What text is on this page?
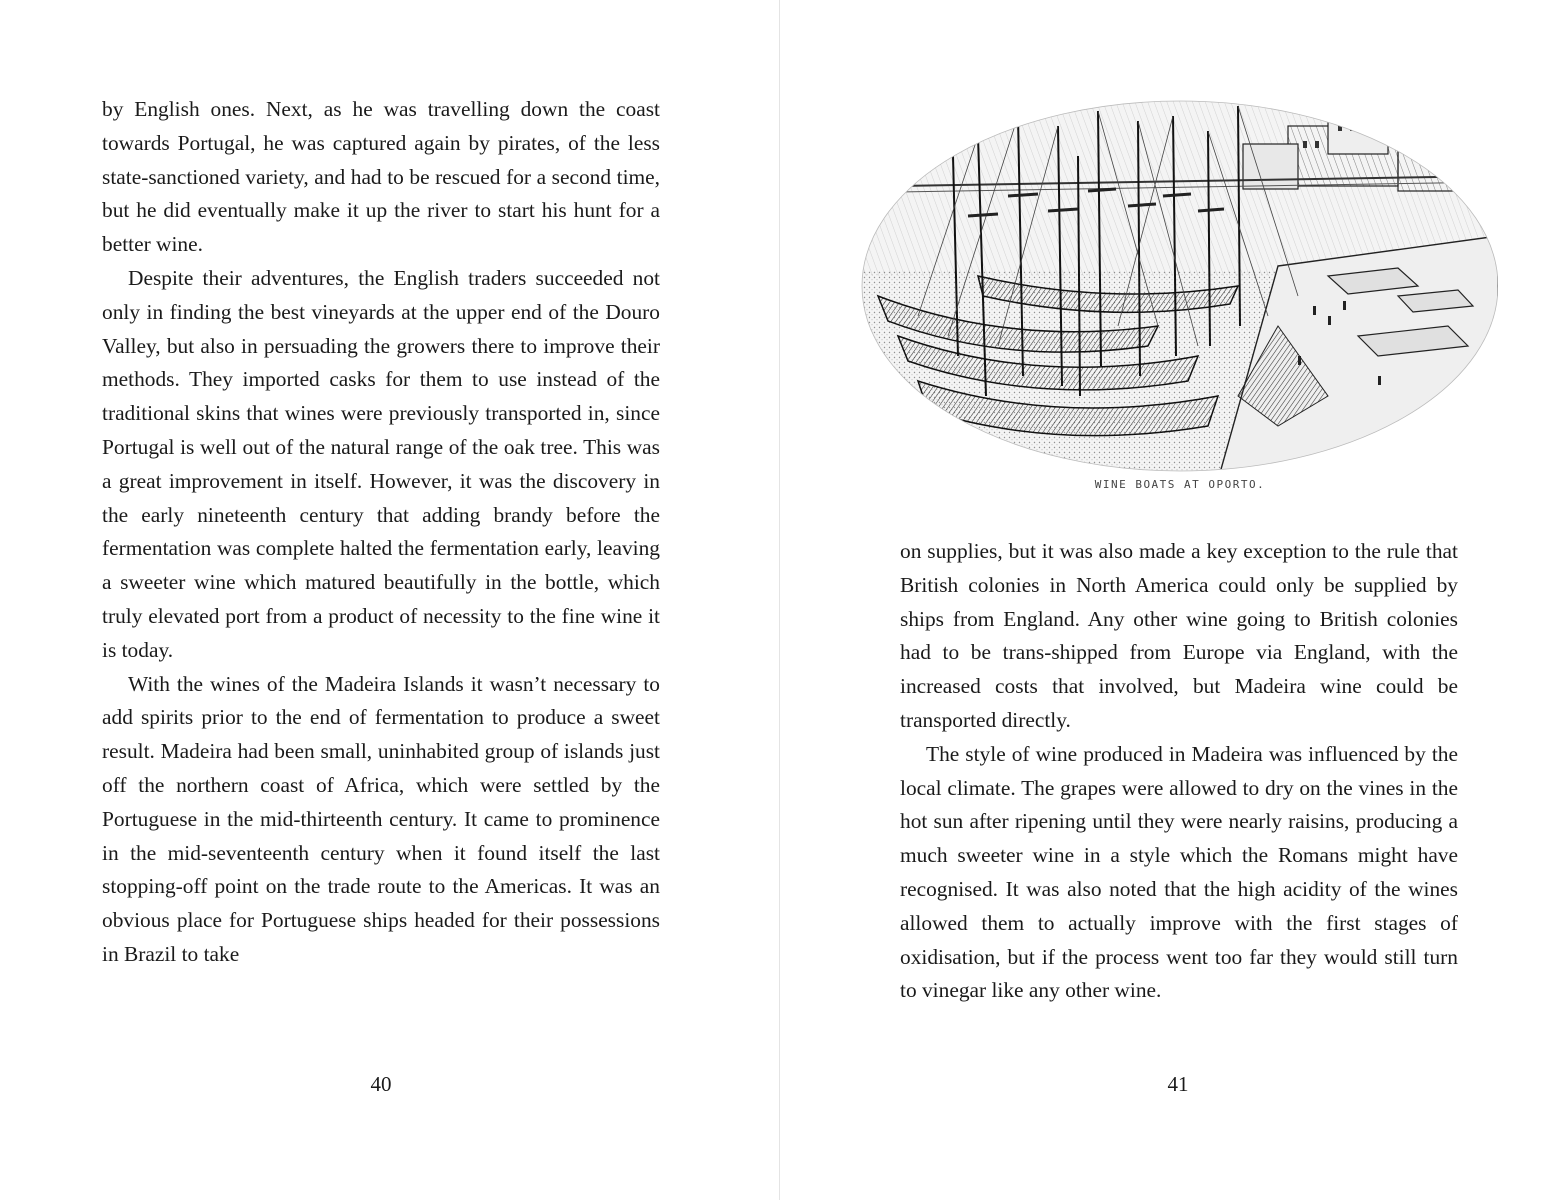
by English ones. Next, as he was travelling down the coast towards Portugal, he was captured again by pirates, of the less state-sanctioned variety, and had to be rescued for a second time, but he did eventually make it up the river to start his hunt for a better wine.

Despite their adventures, the English traders succeeded not only in finding the best vineyards at the upper end of the Douro Valley, but also in persuading the growers there to improve their methods. They imported casks for them to use instead of the traditional skins that wines were previously transported in, since Portugal is well out of the natural range of the oak tree. This was a great improvement in itself. However, it was the discovery in the early nineteenth century that adding brandy before the fermentation was complete halted the fermentation early, leaving a sweeter wine which matured beautifully in the bottle, which truly elevated port from a product of necessity to the fine wine it is today.

With the wines of the Madeira Islands it wasn’t necessary to add spirits prior to the end of fermentation to produce a sweet result. Madeira had been small, uninhabited group of islands just off the northern coast of Africa, which were settled by the Portuguese in the mid-thirteenth century. It came to prominence in the mid-seventeenth century when it found itself the last stopping-off point on the trade route to the Americas. It was an obvious place for Portuguese ships headed for their possessions in Brazil to take

40
WINE BOATS AT OPORTO.

on supplies, but it was also made a key exception to the rule that British colonies in North America could only be supplied by ships from England. Any other wine going to British colonies had to be trans-shipped from Europe via England, with the increased costs that involved, but Madeira wine could be transported directly.

The style of wine produced in Madeira was influenced by the local climate. The grapes were allowed to dry on the vines in the hot sun after ripening until they were nearly raisins, producing a much sweeter wine in a style which the Romans might have recognised. It was also noted that the high acidity of the wines allowed them to actually improve with the first stages of oxidisation, but if the process went too far they would still turn to vinegar like any other wine.

41
